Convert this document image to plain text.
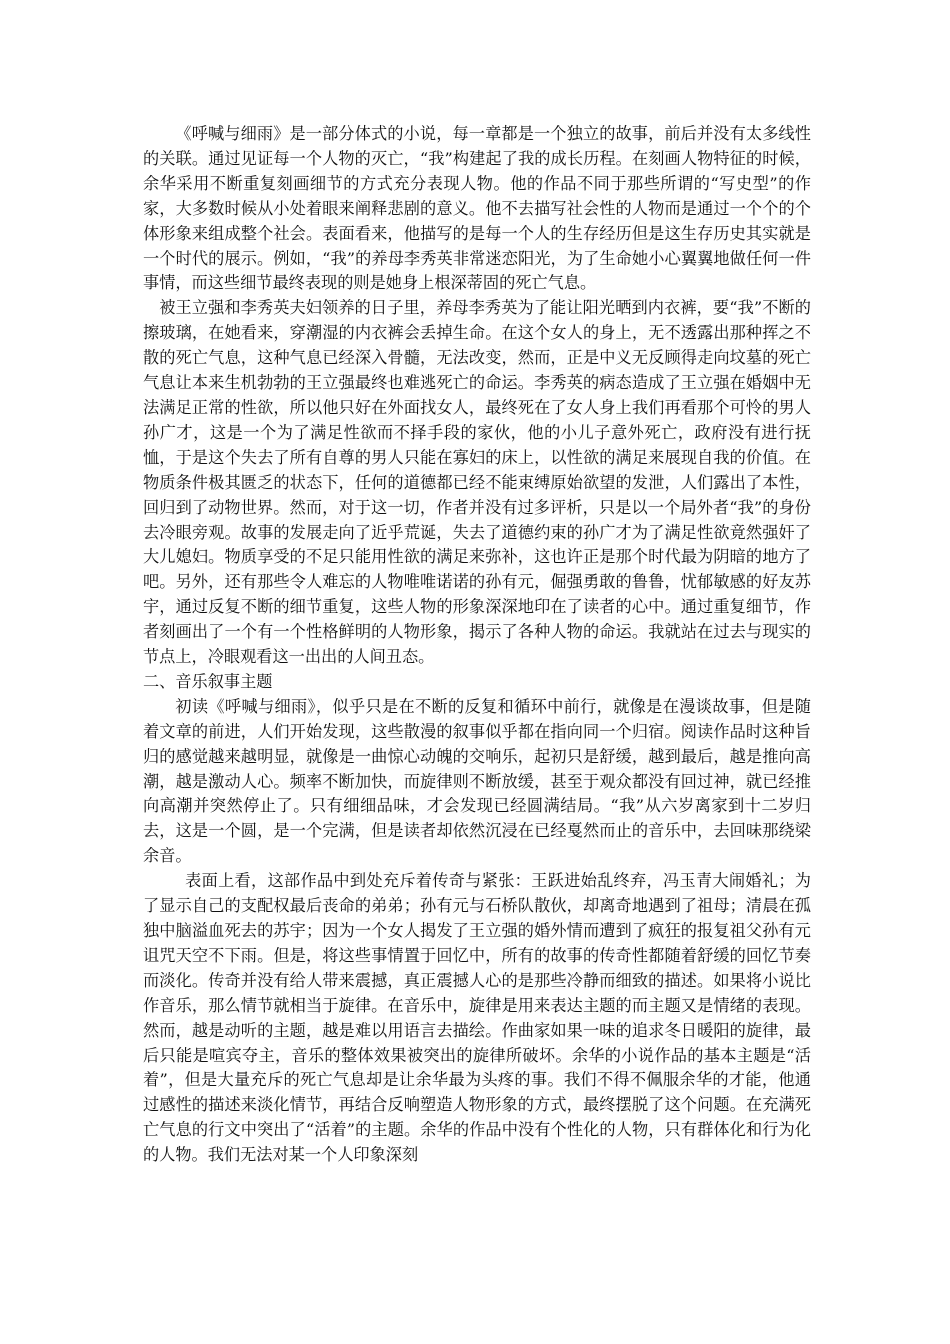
《呼喊与细雨》是一部分体式的小说，每一章都是一个独立的故事，前后并没有太多线性的关联。通过见证每一个人物的灭亡，“我”构建起了我的成长历程。在刻画人物特征的时候，余华采用不断重复刻画细节的方式充分表现人物。他的作品不同于那些所谓的“写史型”的作家，大多数时候从小处着眼来阐释悲剧的意义。他不去描写社会性的人物而是通过一个个的个体形象来组成整个社会。表面看来，他描写的是每一个人的生存经历但是这生存历史其实就是一个时代的展示。例如，“我”的养母李秀英非常迷恋阳光，为了生命她小心翼翼地做任何一件事情，而这些细节最终表现的则是她身上根深蒂固的死亡气息。

被王立强和李秀英夫妇领养的日子里，养母李秀英为了能让阳光晒到内衣裤，要“我”不断的擦玻璃，在她看来，穿潮湿的内衣裤会丢掉生命。在这个女人的身上，无不透露出那种挥之不散的死亡气息，这种气息已经深入骨髓，无法改变，然而，正是中义无反顾得走向坟墓的死亡气息让本来生机勃勃的王立强最终也难逃死亡的命运。李秀英的病态造成了王立强在婚姻中无法满足正常的性欲，所以他只好在外面找女人，最终死在了女人身上我们再看那个可怜的男人孙广才，这是一个为了满足性欲而不择手段的家伙，他的小儿子意外死亡，政府没有进行抚恤，于是这个失去了所有自尊的男人只能在寡妇的床上，以性欲的满足来展现自我的价值。在物质条件极其匮乏的状态下，任何的道德都已经不能束缚原始欲望的发泄，人们露出了本性，回归到了动物世界。然而，对于这一切，作者并没有过多评析，只是以一个局外者“我”的身份去冷眼旁观。故事的发展走向了近乎荒诞，失去了道德约束的孙广才为了满足性欲竟然强奸了大儿媳妇。物质享受的不足只能用性欲的满足来弥补，这也许正是那个时代最为阴暗的地方了吧。另外，还有那些令人难忘的人物唯唯诺诺的孙有元，倔强勇敢的鲁鲁，忧郁敏感的好友苏宇，通过反复不断的细节重复，这些人物的形象深深地印在了读者的心中。通过重复细节，作者刻画出了一个有一个性格鲜明的人物形象，揭示了各种人物的命运。我就站在过去与现实的节点上，冷眼观看这一出出的人间丑态。

二、音乐叙事主题

初读《呼喊与细雨》，似乎只是在不断的反复和循环中前行，就像是在漫谈故事，但是随着文章的前进，人们开始发现，这些散漫的叙事似乎都在指向同一个归宿。阅读作品时这种旨归的感觉越来越明显，就像是一曲惊心动魄的交响乐，起初只是舒缓，越到最后，越是推向高潮，越是激动人心。频率不断加快，而旋律则不断放缓，甚至于观众都没有回过神，就已经推向高潮并突然停止了。只有细细品味，才会发现已经圆满结局。“我”从六岁离家到十二岁归去，这是一个圆，是一个完满，但是读者却依然沉浸在已经戛然而止的音乐中，去回味那绕梁余音。

表面上看，这部作品中到处充斥着传奇与紧张：王跃进始乱终弃，冯玉青大闹婚礼；为了显示自己的支配权最后丧命的弟弟；孙有元与石桥队散伙，却离奇地遇到了祖母；清晨在孤独中脑溢血死去的苏宇；因为一个女人揭发了王立强的婚外情而遭到了疯狂的报复祖父孙有元诅咒天空不下雨。但是，将这些事情置于回忆中，所有的故事的传奇性都随着舒缓的回忆节奏而淡化。传奇并没有给人带来震撼，真正震撼人心的是那些冷静而细致的描述。如果将小说比作音乐，那么情节就相当于旋律。在音乐中，旋律是用来表达主题的而主题又是情绪的表现。然而，越是动听的主题，越是难以用语言去描绘。作曲家如果一味的追求冬日暖阳的旋律，最后只能是喧宾夺主，音乐的整体效果被突出的旋律所破坏。余华的小说作品的基本主题是“活着”，但是大量充斥的死亡气息却是让余华最为头疼的事。我们不得不佩服余华的才能，他通过感性的描述来淡化情节，再结合反响塑造人物形象的方式，最终摆脱了这个问题。在充满死亡气息的行文中突出了“活着”的主题。余华的作品中没有个性化的人物，只有群体化和行为化的人物。我们无法对某一个人印象深刻
